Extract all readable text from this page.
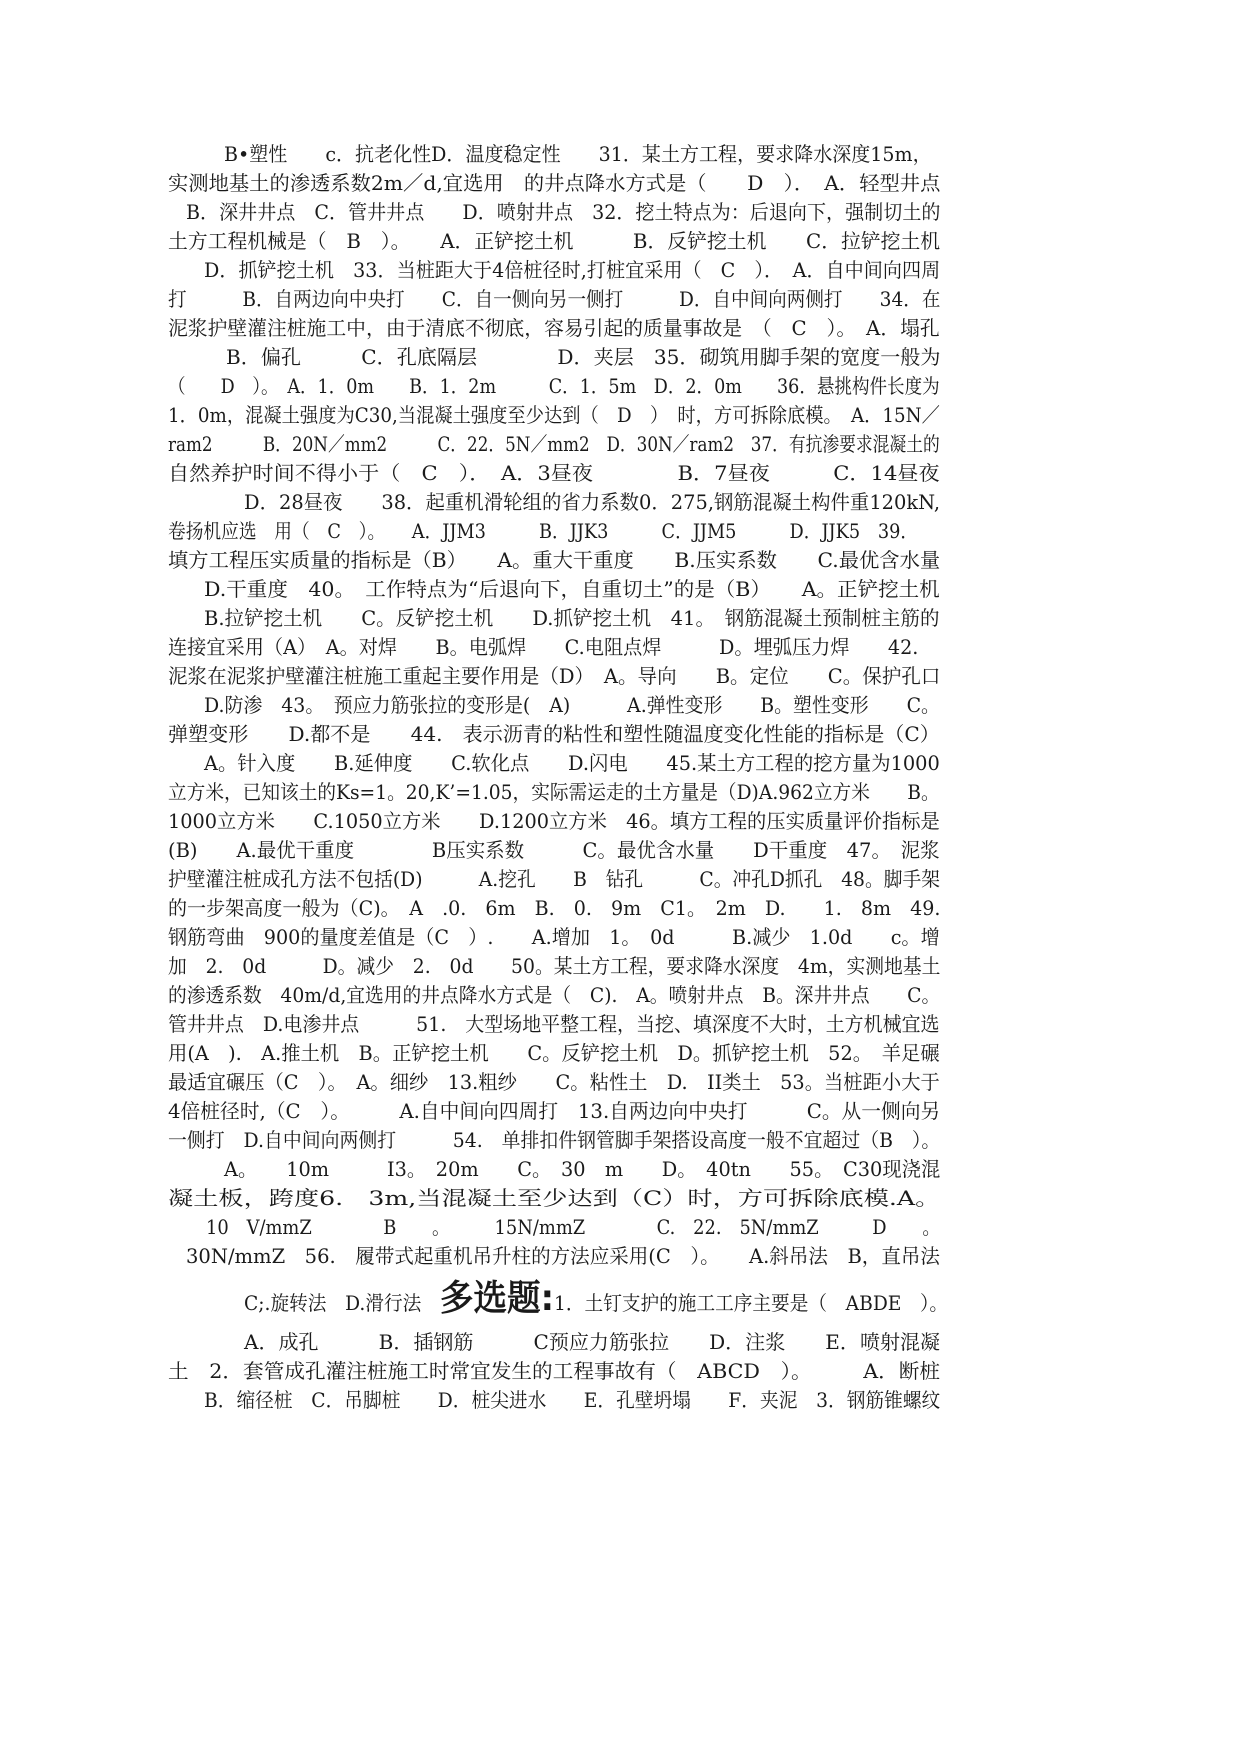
B•塑性　　c．抗老化性D．温度稳定性　　31．某土方工程，要求降水深度15m，
实测地基土的渗透系数2m／d,宜选用　的井点降水方式是（　　D　）．　A．轻型井点
B．深井井点　C．管井井点　　D．喷射井点　32．挖土特点为：后退向下，强制切土的
土方工程机械是（　B　）。　　A．正铲挖土机　　　B．反铲挖土机　　C．拉铲挖土机
D．抓铲挖土机　33．当桩距大于4倍桩径时,打桩宜采用（　C　）．　A．自中间向四周
打　　　B．自两边向中央打　　C．自一侧向另一侧打　　　D．自中间向两侧打　　34．在
泥浆护壁灌注桩施工中，由于清底不彻底，容易引起的质量事故是　（　C　）。　A．塌孔
B．偏孔　　　C．孔底隔层　　　　D．夹层　35．砌筑用脚手架的宽度一般为
（　　D　）。　A．1．0m　　B．1．2m　　　C．1．5m　D．2．0m　　36．悬挑构件长度为
1．0m，混凝土强度为C30,当混凝土强度至少达到（　D　）　时，方可拆除底模。　A．15N／
ram2　　　B．20N／mm2　　　C．22．5N／mm2　D．30N／ram2　37．有抗渗要求混凝土的
自然养护时间不得小于（　C　）．　A．3昼夜　　　　B．7昼夜　　　C．14昼夜
D．28昼夜　　38．起重机滑轮组的省力系数0．275,钢筋混凝土构件重120kN,
卷扬机应选　用（　C　）。　　A．JJM3　　　B．JJK3　　　C．JJM5　　　D．JJK5　39．
填方工程压实质量的指标是（B）　　A。重大干重度　　B.压实系数　　C.最优含水量
D.干重度　40。　工作特点为“后退向下，自重切土”的是（B）　　A。正铲挖土机
B.拉铲挖土机　　C。反铲挖土机　　D.抓铲挖土机　41。　钢筋混凝土预制桩主筋的
连接宜采用（A）　A。对焊　　B。电弧焊　　C.电阻点焊　　　D。埋弧压力焊　　42.
泥浆在泥浆护壁灌注桩施工重起主要作用是（D）　A。导向　　B。定位　　C。保护孔口
D.防渗　43。　预应力筋张拉的变形是(　A)　　　A.弹性变形　　B。塑性变形　　C。
弹塑变形　　D.都不是　　44.　表示沥青的粘性和塑性随温度变化性能的指标是（C）
A。针入度　　B.延伸度　　C.软化点　　D.闪电　　45.某土方工程的挖方量为1000
立方米，已知该土的Ks=1。20,K’=1.05，实际需运走的土方量是（D)A.962立方米　　B。
1000立方米　　C.1050立方米　　D.1200立方米　46。填方工程的压实质量评价指标是
(B)　　A.最优干重度　　　　B压实系数　　　C。最优含水量　　D干重度　47。　泥浆
护壁灌注桩成孔方法不包括(D)　　　A.挖孔　　B　钻孔　　　C。冲孔D抓孔　48。脚手架
的一步架高度一般为（C)。　A　.0.　6m　B.　0.　9m　C1。　2m　D.　　1.　8m　49.
钢筋弯曲　900的量度差值是（C　）.　　A.增加　1。　0d　　　B.减少　1.0d　　c。增
加　2.　0d　　　D。减少　2.　0d　　50。某土方工程，要求降水深度　4m，实测地基土
的渗透系数　40m/d,宜选用的井点降水方式是（　C).　A。喷射井点　B。深井井点　　C。
管井井点　D.电渗井点　　　51.　大型场地平整工程，当挖、填深度不大时，土方机械宜选
用(A　).　A.推土机　B。正铲挖土机　　C。反铲挖土机　D。抓铲挖土机　52。　羊足碾
最适宜碾压（C　）。　A。细纱　13.粗纱　　C。粘性土　D.　II类土　53。当桩距小大于
4倍桩径时,（C　）。　　　A.自中间向四周打　13.自两边向中央打　　　C。从一侧向另
一侧打　D.自中间向两侧打　　　54.　单排扣件钢管脚手架搭设高度一般不宜超过（B　）。
A。　　10m　　　I3。　20m　　C。　30　m　　D。　40tn　　55。　C30现浇混
凝土板，跨度6.　3m,当混凝土至少达到（C）时，方可拆除底模.A。
10　V/mmZ　　　　B　　。　　　15N/mmZ　　　　C.　22.　5N/mmZ　　　D　　。
30N/mmZ　56.　履带式起重机吊升柱的方法应采用(C　）。　　A.斜吊法　B，直吊法
C;.旋转法　D.滑行法　多选题:1．土钉支护的施工工序主要是（　ABDE　）。
A．成孔　　　B．插钢筋　　　C预应力筋张拉　　D．注浆　　E．喷射混凝
土　2．套管成孔灌注桩施工时常宜发生的工程事故有（　ABCD　）。　　　A．断桩
B．缩径桩　C．吊脚桩　　D．桩尖进水　　E．孔壁坍塌　　F．夹泥　3．钢筋锥螺纹
